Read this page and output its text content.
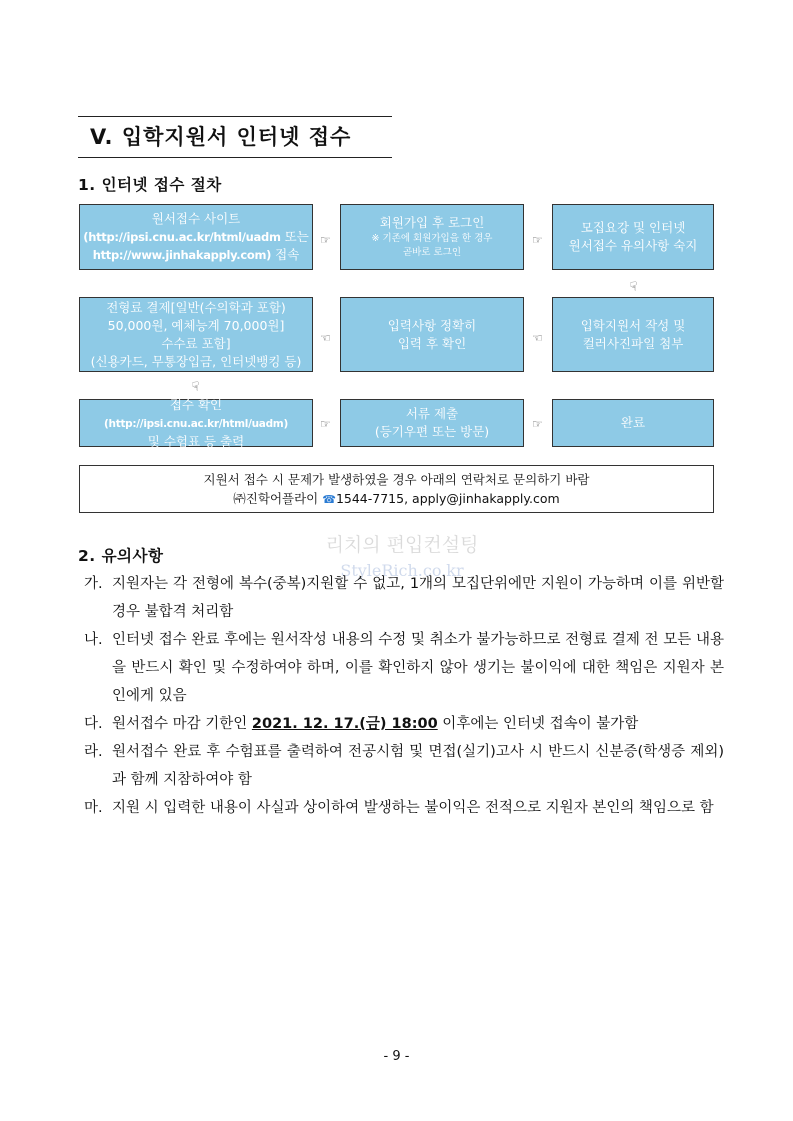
V. 입학지원서 인터넷 접수
1. 인터넷 접수 절차
원서접수 사이트
(http://ipsi.cnu.ac.kr/html/uadm 또는
http://www.jinhakapply.com) 접속
☞
회원가입 후 로그인
※ 기존에 회원가입을 한 경우
곧바로 로그인
☞
모집요강 및 인터넷
원서접수 유의사항 숙지
☞
전형료 결제[일반(수의학과 포함)
50,000원, 예체능계 70,000원]
수수료 포함]
(신용카드, 무통장입금, 인터넷뱅킹 등)
☞
입력사항 정확히
입력 후 확인	☞
입학지원서 작성 및
컬러사진파일 첨부
☞
접수 확인(http://ipsi.cnu.ac.kr/html/uadm)
및 수험표 등 출력
☞
서류 제출
(등기우편 또는 방문)	☞	완료
지원서 접수 시 문제가 발생하였을 경우 아래의 연락처로 문의하기 바람
㈜진학어플라이 ☎1544-7715, apply@jinhakapply.com
리치의 편입컨설팅
StyleRich.co.kr
2. 유의사항
가. 지원자는 각 전형에 복수(중복)지원할 수 없고, 1개의 모집단위에만 지원이 가능하며 이를 위반할 경우 불합격 처리함
나. 인터넷 접수 완료 후에는 원서작성 내용의 수정 및 취소가 불가능하므로 전형료 결제 전 모든 내용을 반드시 확인 및 수정하여야 하며, 이를 확인하지 않아 생기는 불이익에 대한 책임은 지원자 본인에게 있음
다. 원서접수 마감 기한인 2021. 12. 17.(금) 18:00 이후에는 인터넷 접속이 불가함
라. 원서접수 완료 후 수험표를 출력하여 전공시험 및 면접(실기)고사 시 반드시 신분증(학생증 제외)과 함께 지참하여야 함
마. 지원 시 입력한 내용이 사실과 상이하여 발생하는 불이익은 전적으로 지원자 본인의 책임으로 함
- 9 -
